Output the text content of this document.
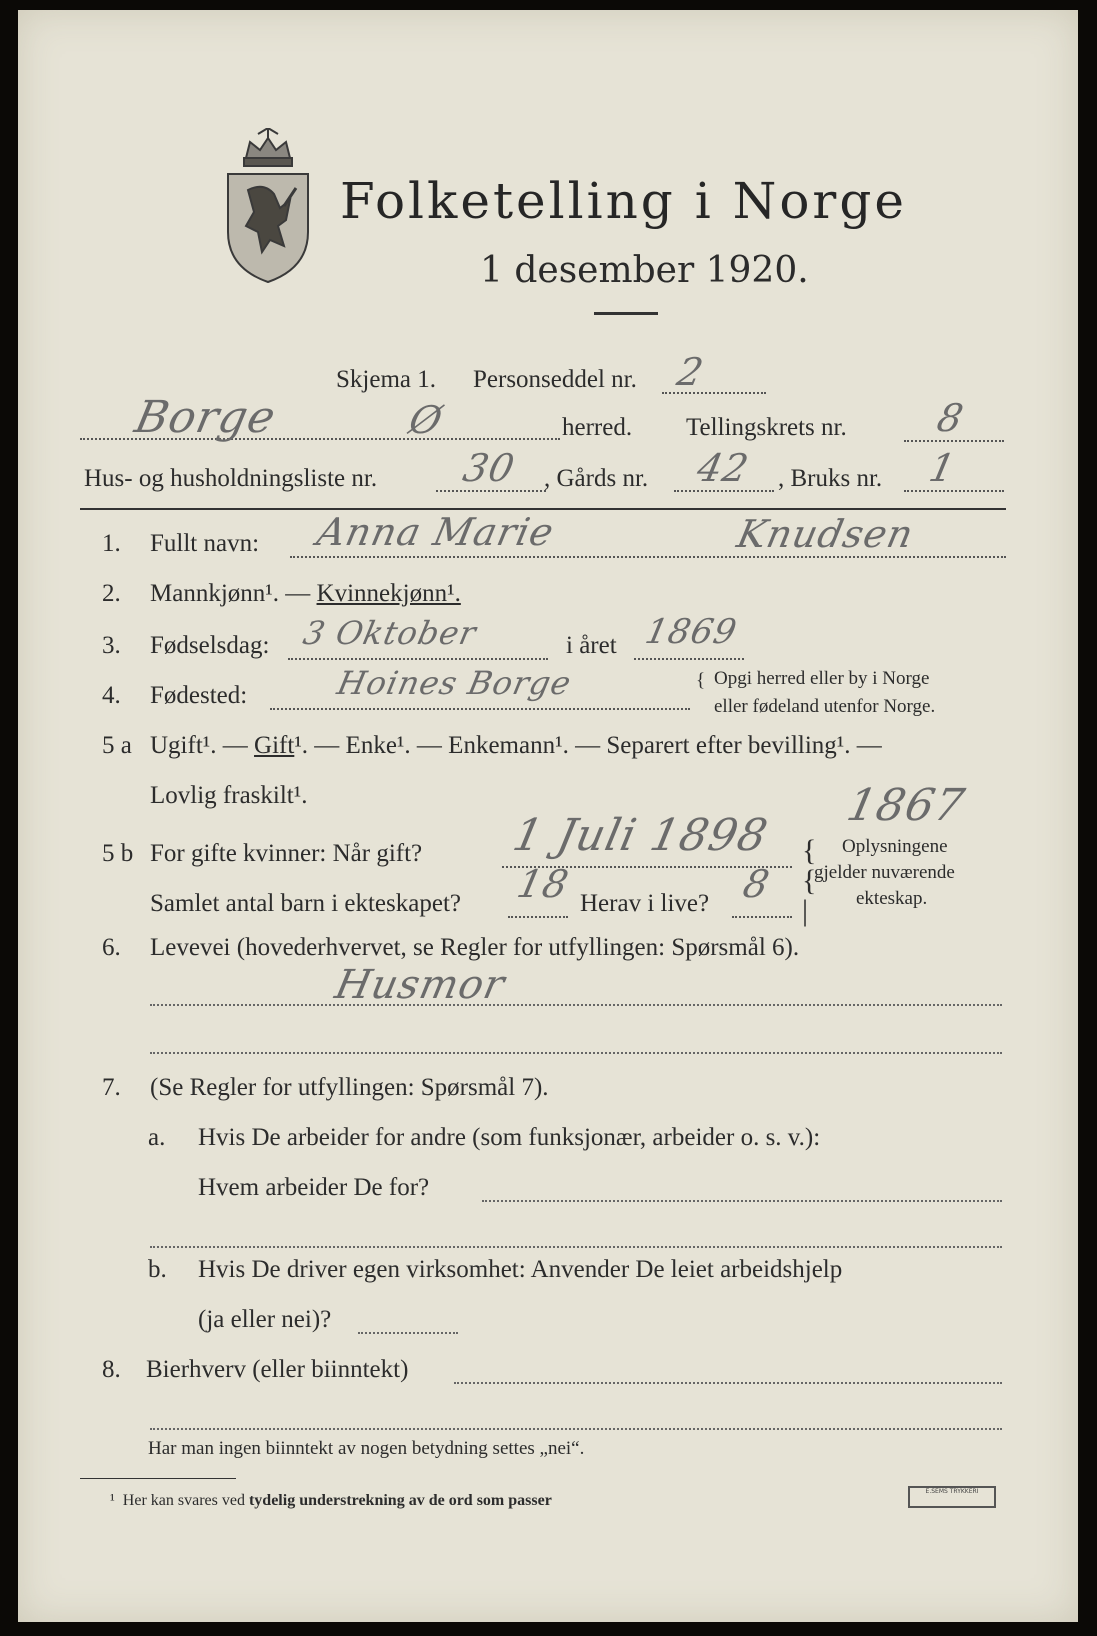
Folketelling i Norge
1 desember 1920.
Skjema 1. Personseddel nr. 2
Borge	Ø	herred. Tellingskrets nr. 8
Hus- og husholdningsliste nr. 30 , Gårds nr. 42 , Bruks nr. 1
1. Fullt navn: Anna Marie	Knudsen
2. Mannkjønn¹. — Kvinnekjønn¹.
3. Fødselsdag: 3 Oktober	i året 1869
4. Fødested:	Hoines Borge	{ Opgi herred eller by i Norge
eller fødeland utenfor Norge.
5 a Ugift¹. — Gift¹. — Enke¹. — Enkemann¹. — Separert efter bevilling¹. —
Lovlig fraskilt¹.
5 b For gifte kvinner: Når gift? 1 Juli 1898
1867
Samlet antal barn i ekteskapet? 18 Herav i live? 8
{
{
|
Oplysningene
gjelder nuværende
ekteskap.
6. Levevei (hovederhvervet, se Regler for utfyllingen: Spørsmål 6).
Husmor
7. (Se Regler for utfyllingen: Spørsmål 7).
a. Hvis De arbeider for andre (som funksjonær, arbeider o. s. v.):
Hvem arbeider De for?
b. Hvis De driver egen virksomhet: Anvender De leiet arbeidshjelp
(ja eller nei)?
8. Bierhverv (eller biinntekt)
Har man ingen biinntekt av nogen betydning settes „nei“.
¹ Her kan svares ved tydelig understrekning av de ord som passer
E.SEMS TRYKKERI
